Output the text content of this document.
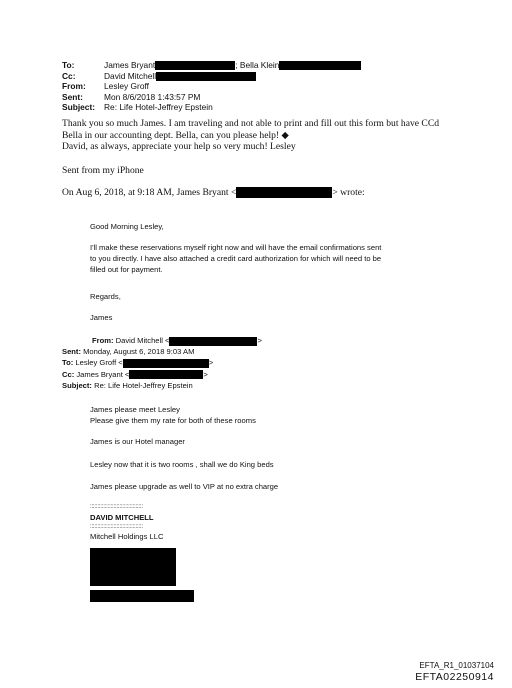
To:	James Bryant	; Bella Klein
Cc:	David Mitchell
From: Lesley Groff
Sent:	Mon 8/6/2018 1:43:57 PM
Subject: Re: Life Hotel-Jeffrey Epstein
Thank you so much James. I am traveling and not able to print and fill out this form but have CCd
Bella in our accounting dept. Bella, can you please help! ◆
David, as always, appreciate your help so very much! Lesley
Sent from my iPhone
On Aug 6, 2018, at 9:18 AM, James Bryant <	> wrote:
Good Morning Lesley,
I'll make these reservations myself right now and will have the email confirmations sent
to you directly. I have also attached a credit card authorization for which will need to be
filled out for payment.
Regards,
James
From: David Mitchell <	>
Sent: Monday, August 6, 2018 9:03 AM
To: Lesley Groff <	>
Cc: James Bryant <	>
Subject: Re: Life Hotel-Jeffrey Epstein
James please meet Lesley
Please give them my rate for both of these rooms
James is our Hotel manager
Lesley now that it is two rooms , shall we do King beds
James please upgrade as well to VIP at no extra charge
::::::::::::::::::::::::::::::::::::
DAVID MITCHELL
::::::::::::::::::::::::::::::::::::
Mitchell Holdings LLC
EFTA_R1_01037104
EFTA02250914
